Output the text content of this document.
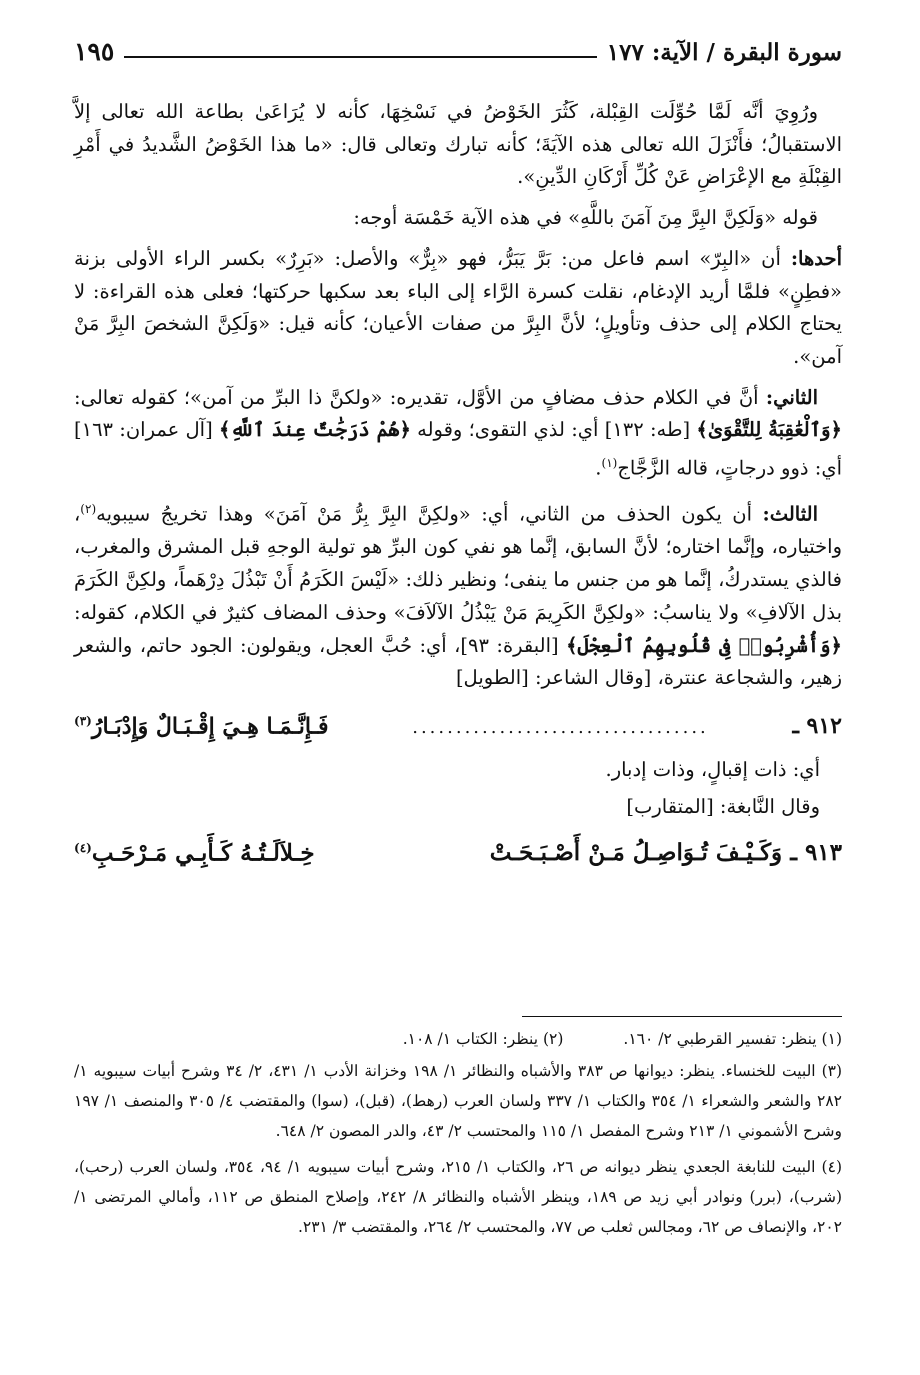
سورة البقرة / الآية: ١٧٧
١٩٥

ورُوِيَ أنَّه لَمَّا حُوِّلَت القِبْلة، كَثُرَ الخَوْضُ في نَسْخِهَا، كأنه لا يُرَاعَىٰ بطاعة الله تعالى إلاَّ الاستقبالُ؛ فأَنْزَلَ الله تعالى هذه الآيَةَ؛ كأنه تبارك وتعالى قال: «ما هذا الخَوْضُ الشَّديدُ في أَمْرِ القِبْلَةِ مع الإعْرَاضِ عَنْ كُلِّ أَرْكَانِ الدِّينِ».

قوله «وَلَكِنَّ البِرَّ مِنَ آمَنَ باللَّهِ» في هذه الآية خَمْسَة أوجه:

أحدها: أن «البِرّ» اسم فاعل من: بَرَّ يَبَرُّ، فهو «بِرٌّ» والأصل: «بَرِرٌ» بكسر الراء الأولى بزنة «فطِنٍ» فلمَّا أريد الإدغام، نقلت كسرة الرَّاء إلى الباء بعد سكبها حركتها؛ فعلى هذه القراءة: لا يحتاج الكلام إلى حذف وتأويلٍ؛ لأنَّ البِرَّ من صفات الأعيان؛ كأنه قيل: «وَلَكِنَّ الشخصَ البِرَّ مَنْ آمن».

الثاني: أنَّ في الكلام حذف مضافٍ من الأوَّل، تقديره: «ولكنَّ ذا البرِّ من آمن»؛ كقوله تعالى: ﴿وَٱلْعَٰقِبَةُ لِلتَّقْوَىٰ﴾ [طه: ١٣٢] أي: لذي التقوى؛ وقوله ﴿هُمْ دَرَجَٰتٌ عِندَ ٱللَّهِ﴾ [آل عمران: ١٦٣] أي: ذوو درجاتٍ، قاله الزَّجَّاج$^{(١)}$.

الثالث: أن يكون الحذف من الثاني، أي: «ولكِنَّ البِرَّ بِرُّ مَنْ آمَنَ» وهذا تخريجُ سيبويه$^{(٢)}$، واختياره، وإنَّما اختاره؛ لأنَّ السابق، إنَّما هو نفي كون البرِّ هو تولية الوجهِ قبل المشرق والمغرب، فالذي يستدركُ، إنَّما هو من جنس ما ينفى؛ ونظير ذلك: «لَيْسَ الكَرَمُ أَنْ تَبْذُلَ دِرْهَماً، ولكِنَّ الكَرَمَ بذل الآلافِ» ولا يناسبُ: «ولكِنَّ الكَرِيمَ مَنْ يَبْذُلُ الآلاَفَ» وحذف المضاف كثيرٌ في الكلام، كقوله: ﴿وَأُشْرِبُوا۟ فِى قُلُوبِهِمُ ٱلْعِجْلَ﴾ [البقرة: ٩٣]، أي: حُبَّ العجل، ويقولون: الجود حاتم، والشعر زهير، والشجاعة عنترة، [وقال الشاعر: [الطويل]

٩١٢ ـ
..................................
فَـإِنَّـمَـا هِـيَ إِقْـبَـالٌ وَإِدْبَـارُ$^{(٣)}$

أي: ذات إقبالٍ، وذات إدبار.

وقال النَّابغة: [المتقارب]

٩١٣ ـ وَكَـيْـفَ تُـوَاصِـلُ مَـنْ أَصْـبَـحَـتْ
خِـلاَلَـتُـهُ كَـأَبِـي مَـرْحَـبِ$^{(٤)}$
(١) ينظر: تفسير القرطبي ٢/ ١٦٠.
(٢) ينظر: الكتاب ١/ ١٠٨.

(٣) البيت للخنساء. ينظر: ديوانها ص ٣٨٣ والأشباه والنظائر ١/ ١٩٨ وخزانة الأدب ١/ ٤٣١، ٢/ ٣٤ وشرح أبيات سيبويه ١/ ٢٨٢ والشعر والشعراء ١/ ٣٥٤ والكتاب ١/ ٣٣٧ ولسان العرب (رهط)، (قبل)، (سوا) والمقتضب ٤/ ٣٠٥ والمنصف ١/ ١٩٧ وشرح الأشموني ١/ ٢١٣ وشرح المفصل ١/ ١١٥ والمحتسب ٢/ ٤٣، والدر المصون ٢/ ٦٤٨.

(٤) البيت للنابغة الجعدي ينظر ديوانه ص ٢٦، والكتاب ١/ ٢١٥، وشرح أبيات سيبويه ١/ ٩٤، ٣٥٤، ولسان العرب (رحب)، (شرب)، (برر) ونوادر أبي زيد ص ١٨٩، وينظر الأشباه والنظائر ٨/ ٢٤٢، وإصلاح المنطق ص ١١٢، وأمالي المرتضى ١/ ٢٠٢، والإنصاف ص ٦٢، ومجالس ثعلب ص ٧٧، والمحتسب ٢/ ٢٦٤، والمقتضب ٣/ ٢٣١.
